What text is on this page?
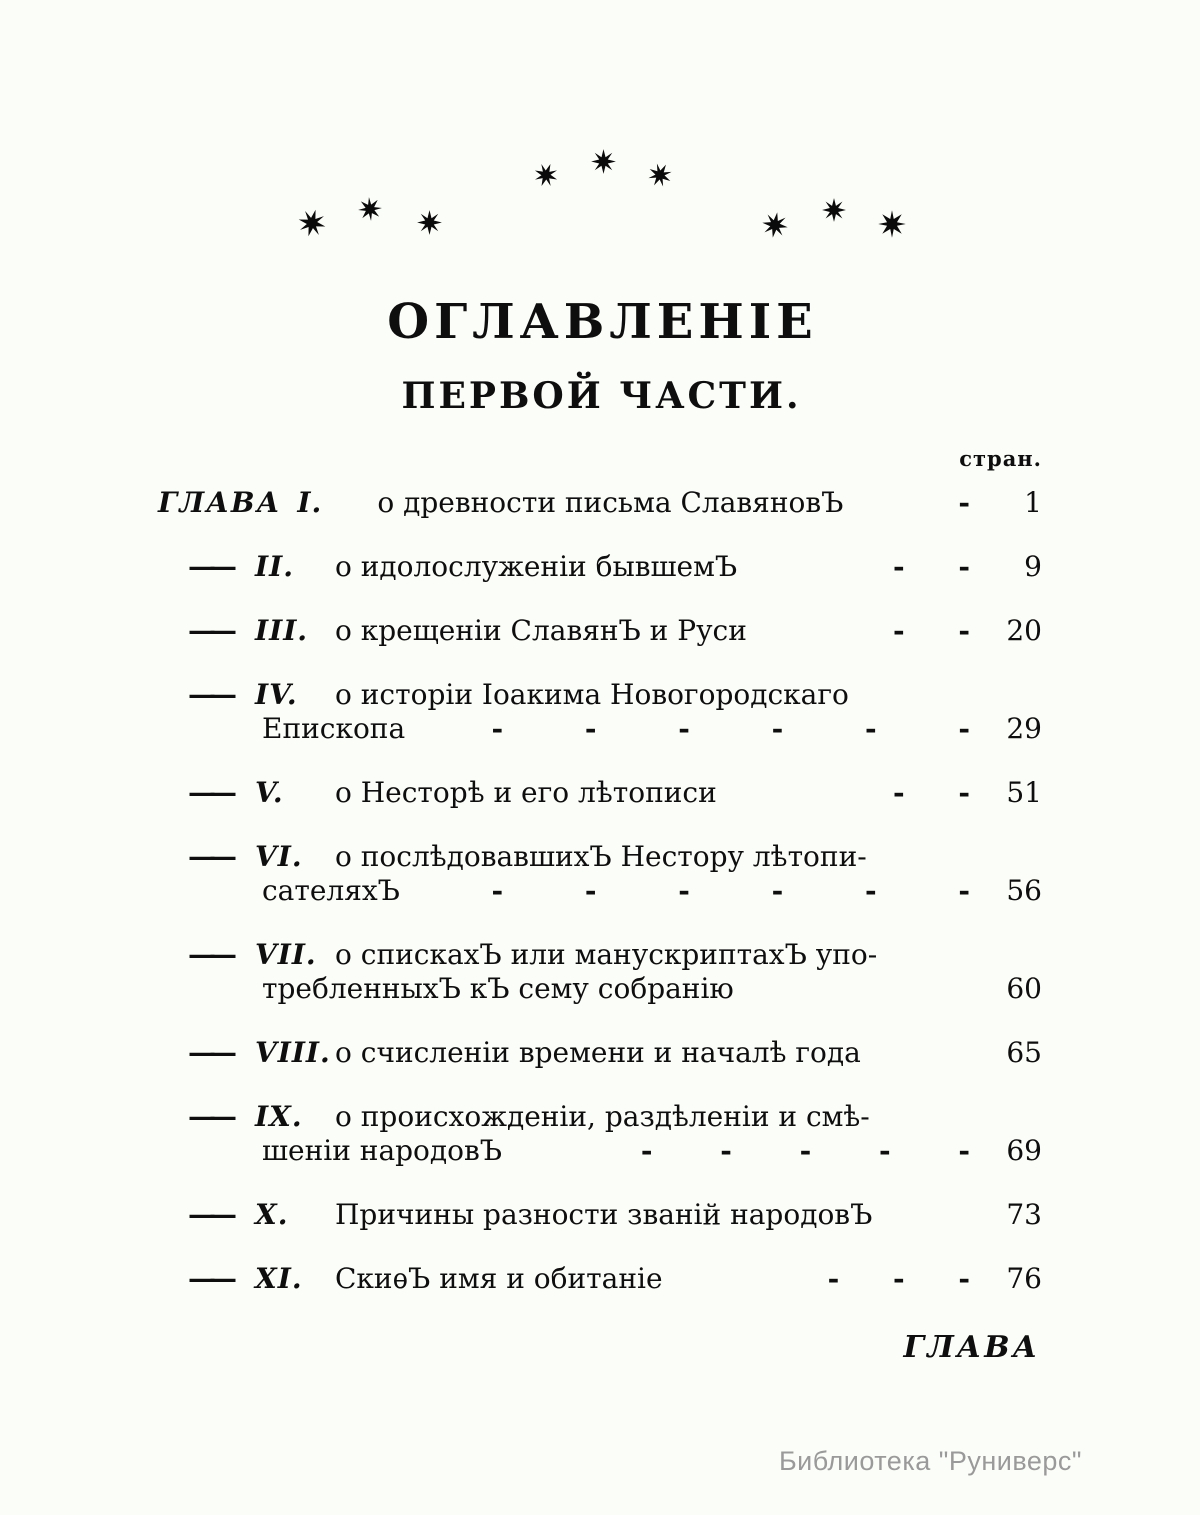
ОГЛАВЛЕНІЕ
ПЕРВОЙ ЧАСТИ.
стран.
ГЛАВА I.	о древности письма СлавяновЪ	-	1
—— II.	о идолослуженіи бывшемЪ	- -	9
—— III. о крещеніи СлавянЪ и Руси	- -	20
—— IV.	о исторіи Іоакима Новогородскаго
Епископа	- - - - - -	29
—— V.	о Несторѣ и его лѣтописи	- -	51
—— VI.	о послѣдовавшихЪ Нестору лѣтопи-
сателяхЪ	- - - - - -	56
—— VII. о спискахЪ или манускриптахЪ упо-
требленныхЪ кЪ сему собранію	60
—— VIII. о счисленіи времени и началѣ года	65
—— IX.	о происхожденіи, раздѣленіи и смѣ-
шеніи народовЪ	- - - - -	69
—— X.	Причины разности званій народовЪ	73
—— XI.	СкиѳЪ имя и обитаніе	- - -	76
ГЛАВА
Библиотека "Руниверс"
